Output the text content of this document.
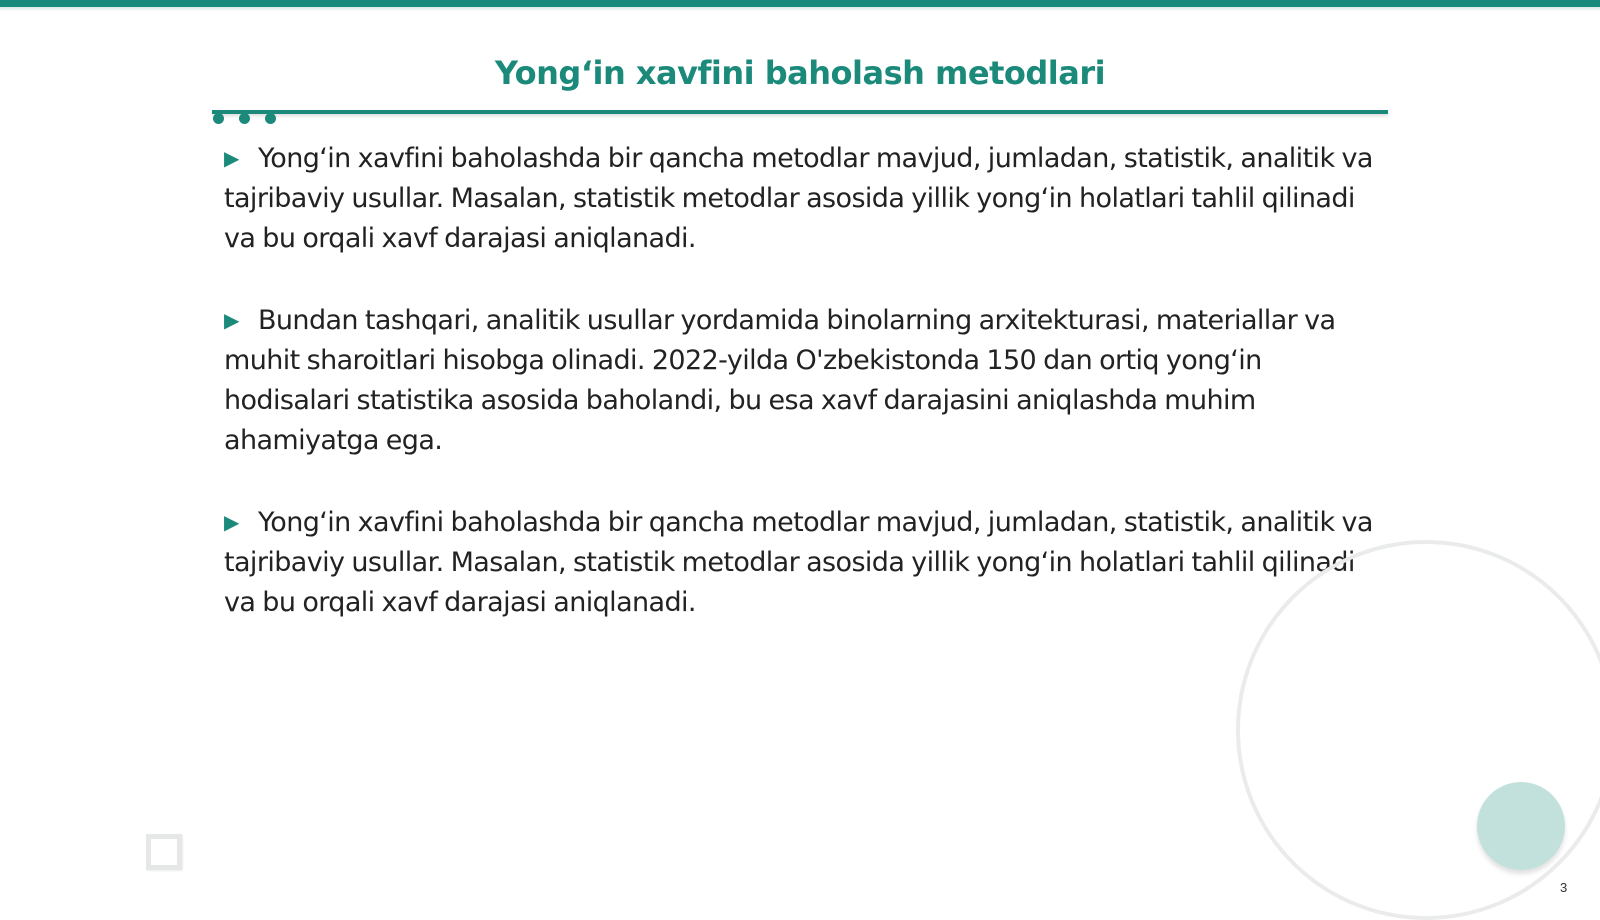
Yong‘in xavfini baholash metodlari
▶ Yong‘in xavfini baholashda bir qancha metodlar mavjud, jumladan, statistik, analitik va tajribaviy usullar. Masalan, statistik metodlar asosida yillik yong‘in holatlari tahlil qilinadi va bu orqali xavf darajasi aniqlanadi.
▶ Bundan tashqari, analitik usullar yordamida binolarning arxitekturasi, materiallar va muhit sharoitlari hisobga olinadi. 2022-yilda O'zbekistonda 150 dan ortiq yong‘in hodisalari statistika asosida baholandi, bu esa xavf darajasini aniqlashda muhim ahamiyatga ega.
▶ Yong‘in xavfini baholashda bir qancha metodlar mavjud, jumladan, statistik, analitik va tajribaviy usullar. Masalan, statistik metodlar asosida yillik yong‘in holatlari tahlil qilinadi va bu orqali xavf darajasi aniqlanadi.
3
